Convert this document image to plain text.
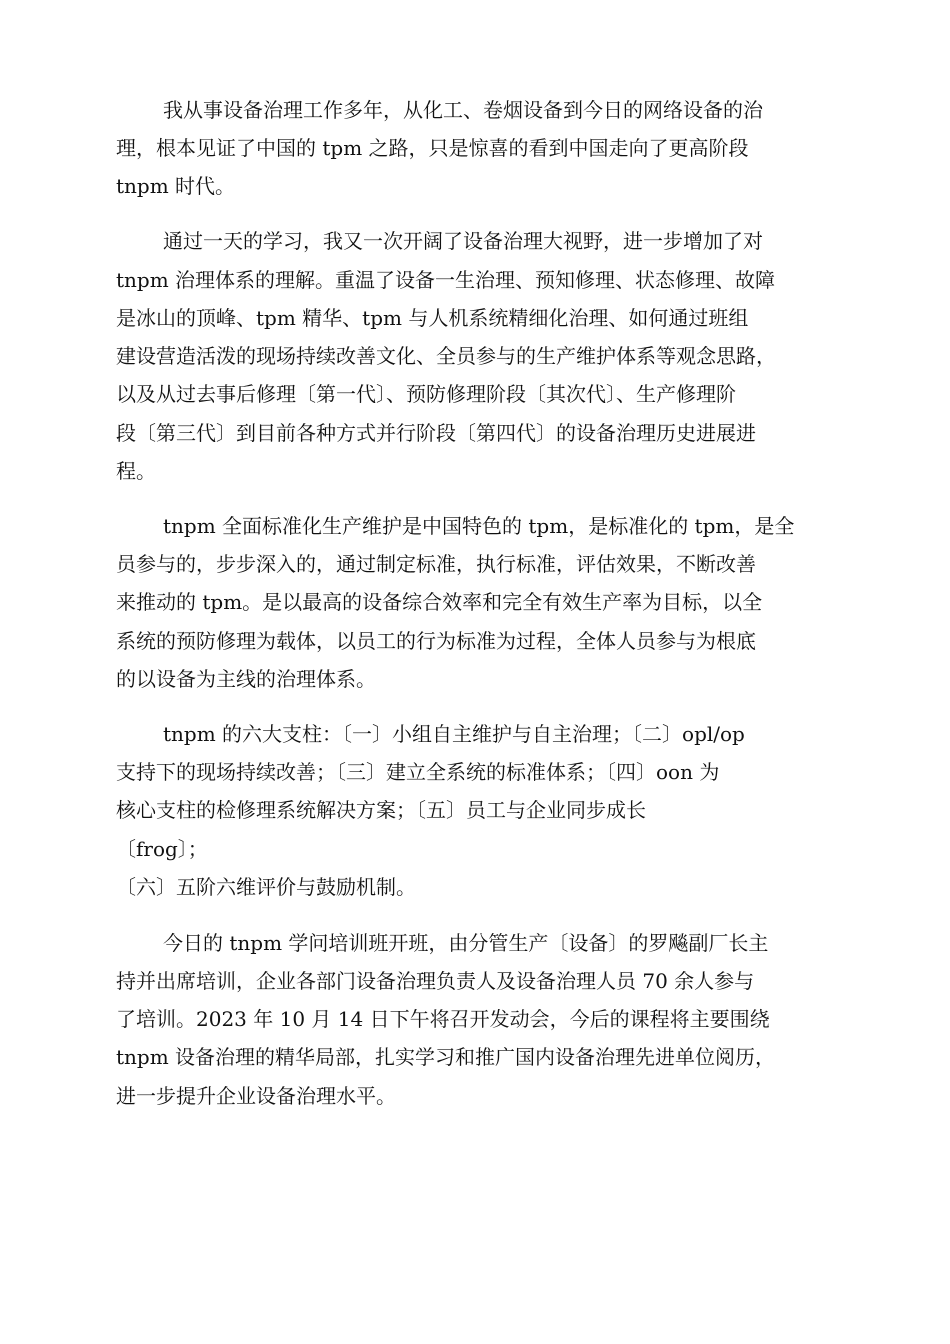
我从事设备治理工作多年，从化工、卷烟设备到今日的网络设备的治
理，根本见证了中国的 tpm 之路，只是惊喜的看到中国走向了更高阶段
tnpm 时代。
通过一天的学习，我又一次开阔了设备治理大视野，进一步增加了对
tnpm 治理体系的理解。重温了设备一生治理、预知修理、状态修理、故障
是冰山的顶峰、tpm 精华、tpm 与人机系统精细化治理、如何通过班组
建设营造活泼的现场持续改善文化、全员参与的生产维护体系等观念思路，
以及从过去事后修理〔第一代〕、预防修理阶段〔其次代〕、生产修理阶
段〔第三代〕到目前各种方式并行阶段〔第四代〕的设备治理历史进展进
程。
tnpm 全面标准化生产维护是中国特色的 tpm，是标准化的 tpm，是全
员参与的，步步深入的，通过制定标准，执行标准，评估效果，不断改善
来推动的 tpm。是以最高的设备综合效率和完全有效生产率为目标，以全
系统的预防修理为载体，以员工的行为标准为过程，全体人员参与为根底
的以设备为主线的治理体系。
tnpm 的六大支柱：〔一〕小组自主维护与自主治理；〔二〕opl/op
支持下的现场持续改善；〔三〕建立全系统的标准体系；〔四〕oon 为
核心支柱的检修理系统解决方案；〔五〕员工与企业同步成长
〔frog〕；
〔六〕五阶六维评价与鼓励机制。
今日的 tnpm 学问培训班开班，由分管生产〔设备〕的罗飚副厂长主
持并出席培训，企业各部门设备治理负责人及设备治理人员 70 余人参与
了培训。2023 年 10 月 14 日下午将召开发动会，今后的课程将主要围绕
tnpm 设备治理的精华局部，扎实学习和推广国内设备治理先进单位阅历，
进一步提升企业设备治理水平。
